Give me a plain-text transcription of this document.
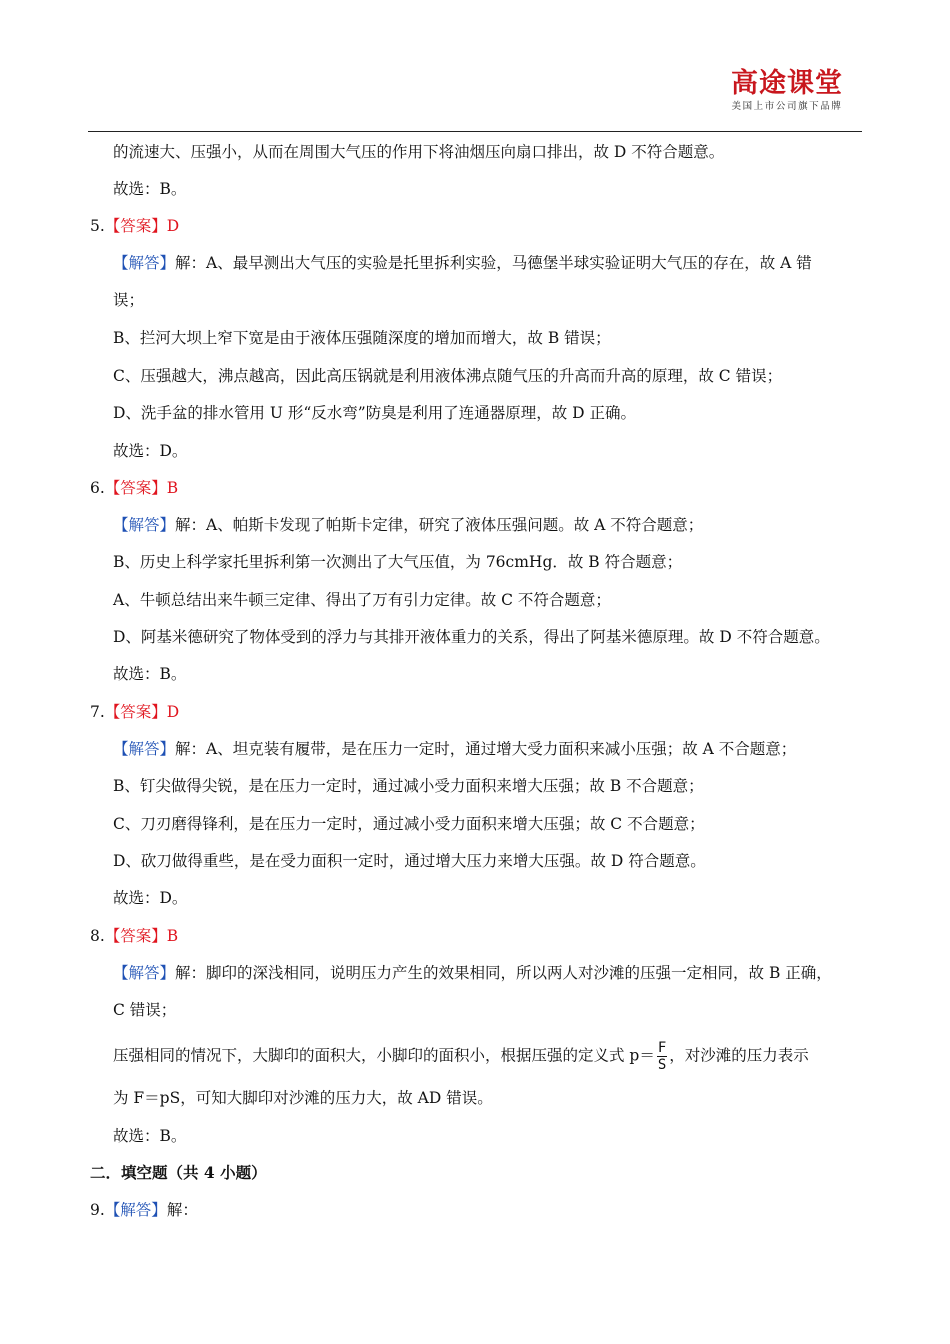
高途课堂
美国上市公司旗下品牌
的流速大、压强小，从而在周围大气压的作用下将油烟压向扇口排出，故 D 不符合题意。
故选：B。
5.【答案】D
【解答】解：A、最早测出大气压的实验是托里拆利实验，马德堡半球实验证明大气压的存在，故 A 错
误；
B、拦河大坝上窄下宽是由于液体压强随深度的增加而增大，故 B 错误；
C、压强越大，沸点越高，因此高压锅就是利用液体沸点随气压的升高而升高的原理，故 C 错误；
D、洗手盆的排水管用 U 形“反水弯”防臭是利用了连通器原理，故 D 正确。
故选：D。
6.【答案】B
【解答】解：A、帕斯卡发现了帕斯卡定律，研究了液体压强问题。故 A 不符合题意；
B、历史上科学家托里拆利第一次测出了大气压值，为 76cmHg．故 B 符合题意；
A、牛顿总结出来牛顿三定律、得出了万有引力定律。故 C 不符合题意；
D、阿基米德研究了物体受到的浮力与其排开液体重力的关系，得出了阿基米德原理。故 D 不符合题意。
故选：B。
7.【答案】D
【解答】解：A、坦克装有履带，是在压力一定时，通过增大受力面积来减小压强；故 A 不合题意；
B、钉尖做得尖锐，是在压力一定时，通过减小受力面积来增大压强；故 B 不合题意；
C、刀刃磨得锋利，是在压力一定时，通过减小受力面积来增大压强；故 C 不合题意；
D、砍刀做得重些，是在受力面积一定时，通过增大压力来增大压强。故 D 符合题意。
故选：D。
8.【答案】B
【解答】解：脚印的深浅相同，说明压力产生的效果相同，所以两人对沙滩的压强一定相同，故 B 正确，
C 错误；
压强相同的情况下，大脚印的面积大，小脚印的面积小，根据压强的定义式 $p= \frac{F}{S}$ ，对沙滩的压力表示
为 F＝pS，可知大脚印对沙滩的压力大，故 AD 错误。
故选：B。
二．填空题（共 4 小题）
9.【解答】解：
